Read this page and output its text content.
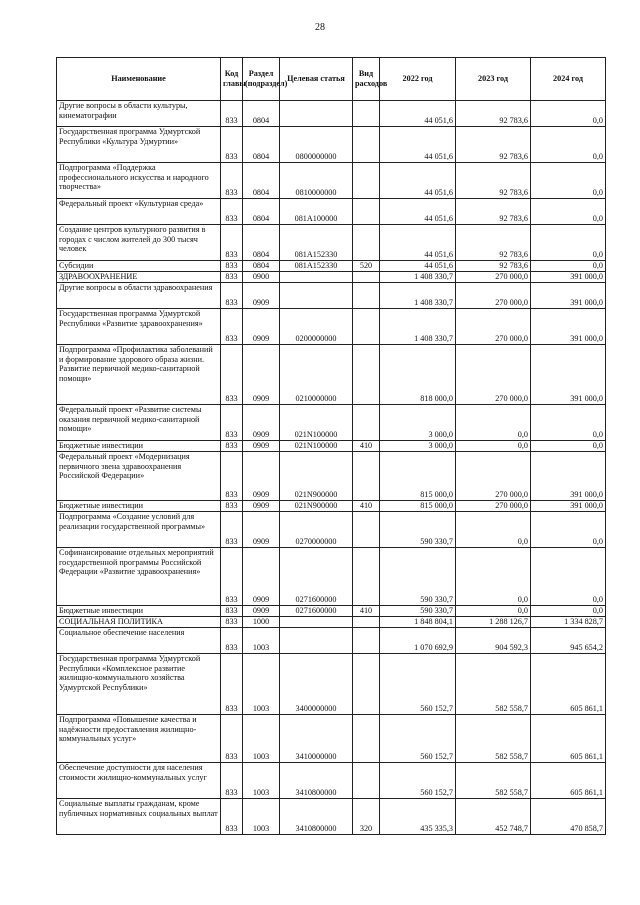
28
Наименование	Код главы	Раздел (подраздел)	Целевая статья	Вид расходов	2022 год	2023 год	2024 год
Другие вопросы в области культуры, кинематографии	833	0804			44 051,6	92 783,6	0,0
Государственная программа Удмуртской Республики «Культура Удмуртии»	833	0804	0800000000		44 051,6	92 783,6	0,0
Подпрограмма «Поддержка профессионального искусства и народного творчества»	833	0804	0810000000		44 051,6	92 783,6	0,0
Федеральный проект «Культурная среда»	833	0804	081A100000		44 051,6	92 783,6	0,0
Создание центров культурного развития в городах с числом жителей до 300 тысяч человек	833	0804	081A152330		44 051,6	92 783,6	0,0
Субсидии	833	0804	081A152330	520	44 051,6	92 783,6	0,0
ЗДРАВООХРАНЕНИЕ	833	0900			1 408 330,7	270 000,0	391 000,0
Другие вопросы в области здравоохранения	833	0909			1 408 330,7	270 000,0	391 000,0
Государственная программа Удмуртской Республики «Развитие здравоохранения»	833	0909	0200000000		1 408 330,7	270 000,0	391 000,0
Подпрограмма «Профилактика заболеваний и формирование здорового образа жизни. Развитие первичной медико-санитарной помощи»	833	0909	0210000000		818 000,0	270 000,0	391 000,0
Федеральный проект «Развитие системы оказания первичной медико-санитарной помощи»	833	0909	021N100000		3 000,0	0,0	0,0
Бюджетные инвестиции	833	0909	021N100000	410	3 000,0	0,0	0,0
Федеральный проект «Модернизация первичного звена здравоохранения Российской Федерации»	833	0909	021N900000		815 000,0	270 000,0	391 000,0
Бюджетные инвестиции	833	0909	021N900000	410	815 000,0	270 000,0	391 000,0
Подпрограмма «Создание условий для реализации государственной программы»	833	0909	0270000000		590 330,7	0,0	0,0
Софинансирование отдельных мероприятий государственной программы Российской Федерации «Развитие здравоохранения»	833	0909	0271600000		590 330,7	0,0	0,0
Бюджетные инвестиции	833	0909	0271600000	410	590 330,7	0,0	0,0
СОЦИАЛЬНАЯ ПОЛИТИКА	833	1000			1 848 804,1	1 288 126,7	1 334 828,7
Социальное обеспечение населения	833	1003			1 070 692,9	904 592,3	945 654,2
Государственная программа Удмуртской Республики «Комплексное развитие жилищно-коммунального хозяйства Удмуртской Республики»	833	1003	3400000000		560 152,7	582 558,7	605 861,1
Подпрограмма «Повышение качества и надёжности предоставления жилищно-коммунальных услуг»	833	1003	3410000000		560 152,7	582 558,7	605 861,1
Обеспечение доступности для населения стоимости жилищно-коммунальных услуг	833	1003	3410800000		560 152,7	582 558,7	605 861,1
Социальные выплаты гражданам, кроме публичных нормативных социальных выплат	833	1003	3410800000	320	435 335,3	452 748,7	470 858,7
